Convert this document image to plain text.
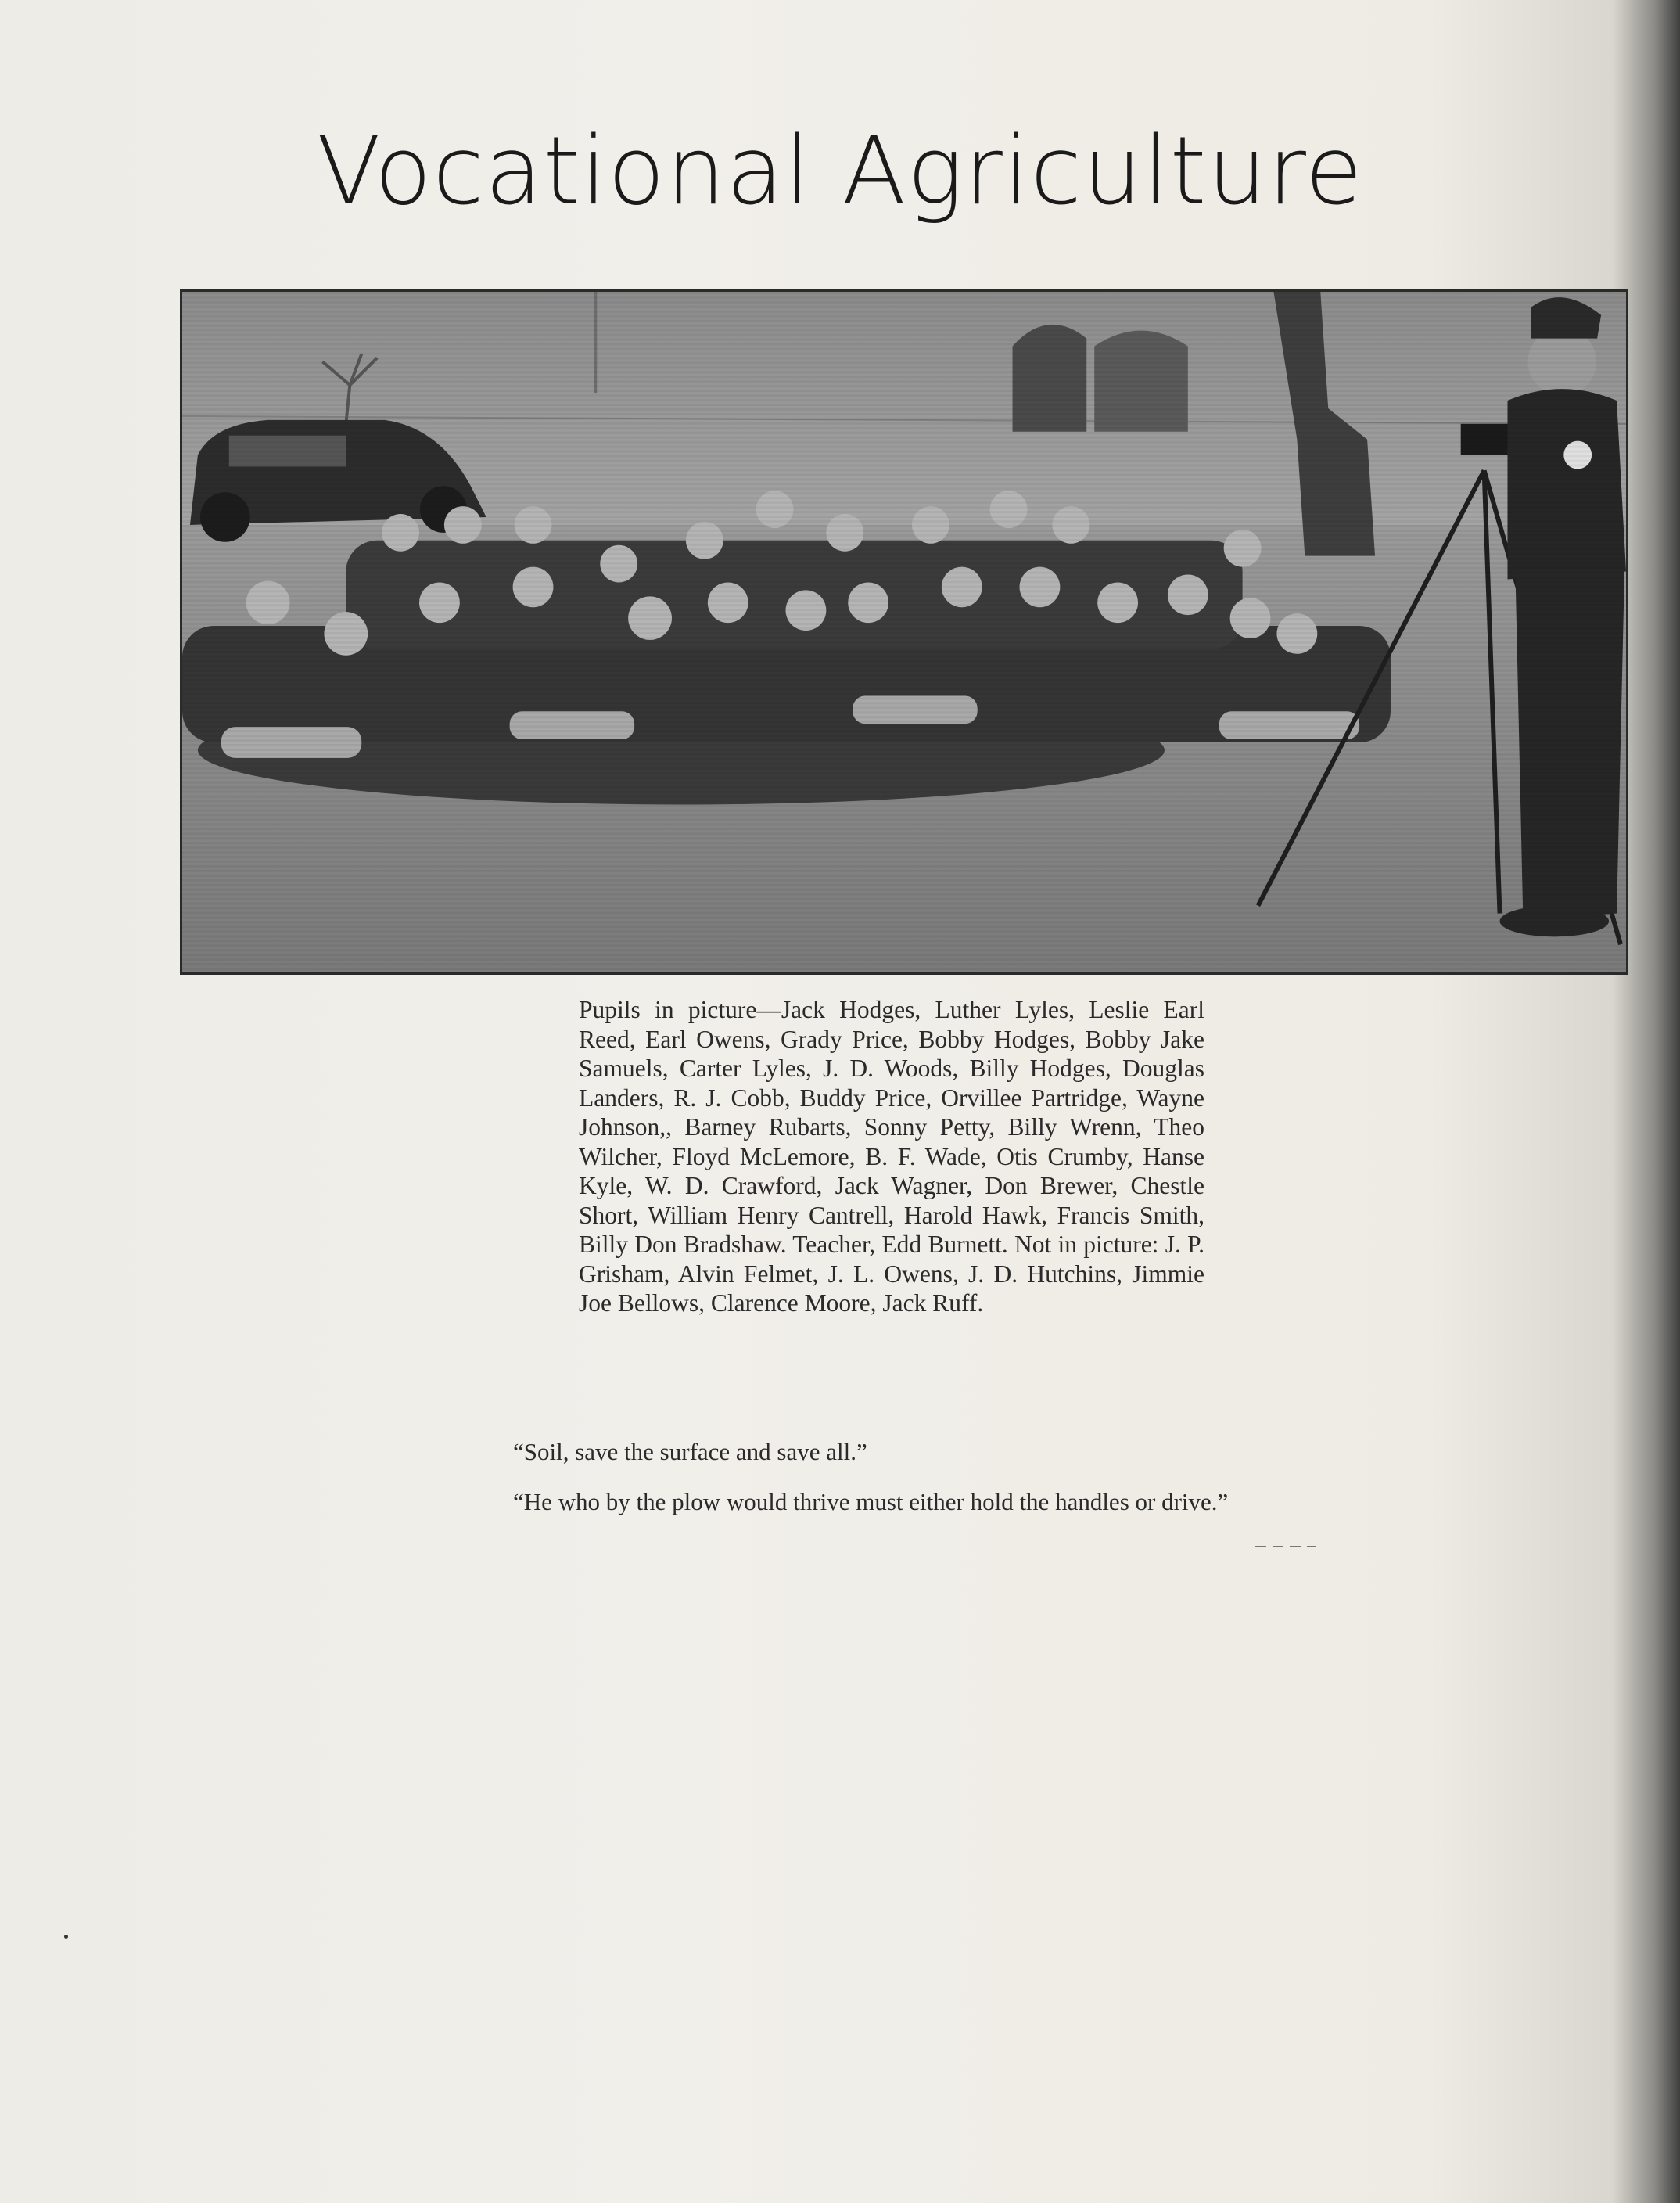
Vocational Agriculture
Pupils in picture—Jack Hodges, Luther Lyles, Leslie Earl Reed, Earl Owens, Grady Price, Bobby Hodges, Bobby Jake Samuels, Carter Lyles, J. D. Woods, Billy Hodges, Douglas Landers, R. J. Cobb, Buddy Price, Orvillee Partridge, Wayne Johnson,, Barney Rubarts, Sonny Petty, Billy Wrenn, Theo Wilcher, Floyd McLemore, B. F. Wade, Otis Crumby, Hanse Kyle, W. D. Crawford, Jack Wagner, Don Brewer, Chestle Short, William Henry Cantrell, Harold Hawk, Francis Smith, Billy Don Bradshaw. Teacher, Edd Burnett. Not in picture: J. P. Grisham, Alvin Felmet, J. L. Owens, J. D. Hutchins, Jimmie Joe Bellows, Clarence Moore, Jack Ruff.
“Soil, save the surface and save all.”
“He who by the plow would thrive must either hold the handles or drive.”
